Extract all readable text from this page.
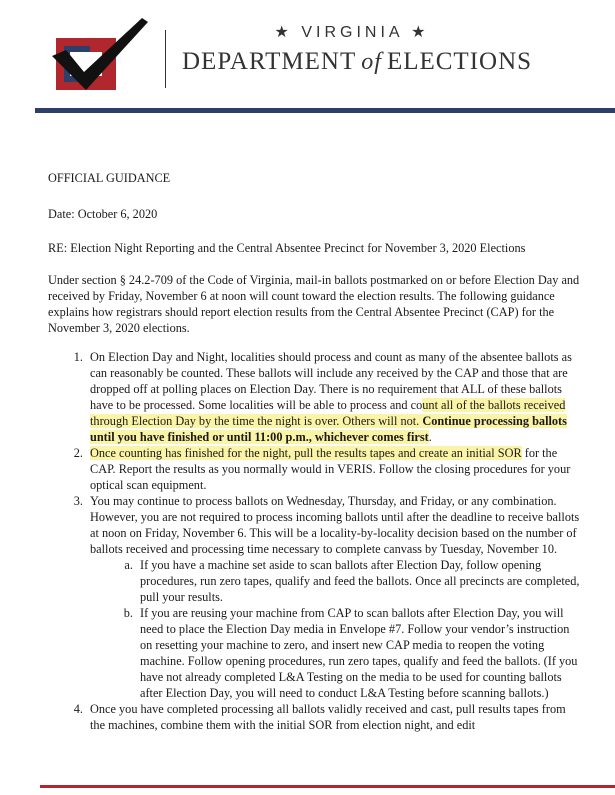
★ VIRGINIA ★
DEPARTMENT of ELECTIONS

OFFICIAL GUIDANCE

Date: October 6, 2020

RE: Election Night Reporting and the Central Absentee Precinct for November 3, 2020 Elections

Under section § 24.2-709 of the Code of Virginia, mail-in ballots postmarked on or before Election Day and received by Friday, November 6 at noon will count toward the election results. The following guidance explains how registrars should report election results from the Central Absentee Precinct (CAP) for the November 3, 2020 elections.

1. On Election Day and Night, localities should process and count as many of the absentee ballots as can reasonably be counted. These ballots will include any received by the CAP and those that are dropped off at polling places on Election Day. There is no requirement that ALL of these ballots have to be processed. Some localities will be able to process and count all of the ballots received through Election Day by the time the night is over. Others will not. Continue processing ballots until you have finished or until 11:00 p.m., whichever comes first.
2. Once counting has finished for the night, pull the results tapes and create an initial SOR for the CAP. Report the results as you normally would in VERIS. Follow the closing procedures for your optical scan equipment.
3. You may continue to process ballots on Wednesday, Thursday, and Friday, or any combination. However, you are not required to process incoming ballots until after the deadline to receive ballots at noon on Friday, November 6. This will be a locality-by-locality decision based on the number of ballots received and processing time necessary to complete canvass by Tuesday, November 10.
a. If you have a machine set aside to scan ballots after Election Day, follow opening procedures, run zero tapes, qualify and feed the ballots. Once all precincts are completed, pull your results.
b. If you are reusing your machine from CAP to scan ballots after Election Day, you will need to place the Election Day media in Envelope #7. Follow your vendor’s instruction on resetting your machine to zero, and insert new CAP media to reopen the voting machine. Follow opening procedures, run zero tapes, qualify and feed the ballots. (If you have not already completed L&A Testing on the media to be used for counting ballots after Election Day, you will need to conduct L&A Testing before scanning ballots.)
4. Once you have completed processing all ballots validly received and cast, pull results tapes from the machines, combine them with the initial SOR from election night, and edit
